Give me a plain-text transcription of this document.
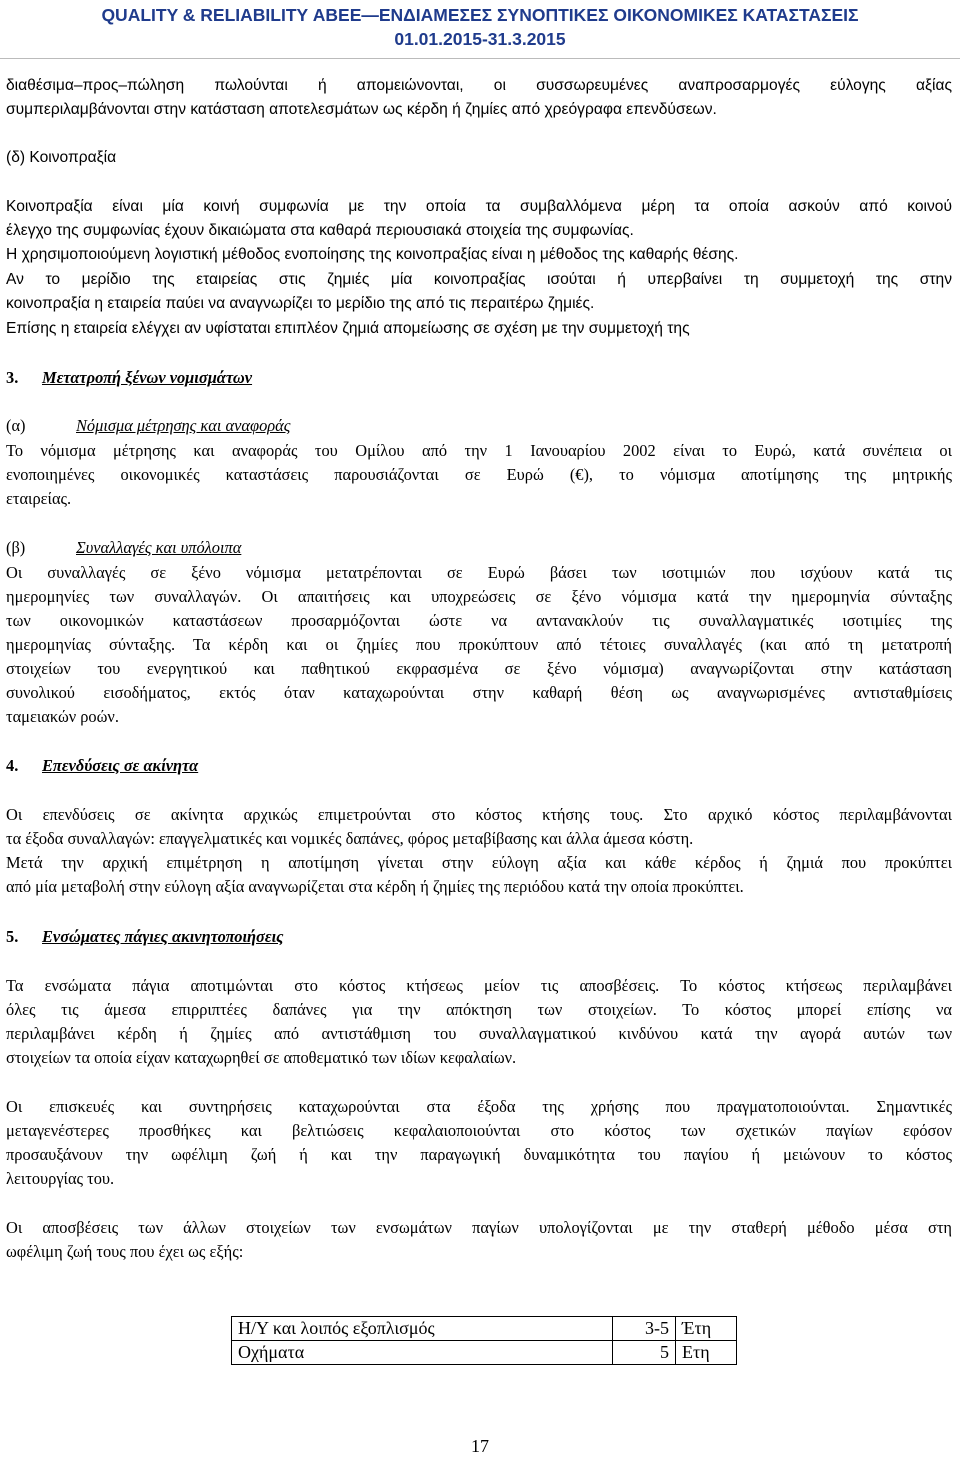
QUALITY & RELIABILITY ΑΒΕΕ—ΕΝΔΙΑΜΕΣΕΣ ΣΥΝΟΠΤΙΚΕΣ ΟΙΚΟΝΟΜΙΚΕΣ ΚΑΤΑΣΤΑΣΕΙΣ
01.01.2015-31.3.2015
διαθέσιμα–προς–πώληση πωλούνται ή απομειώνονται, οι συσσωρευμένες αναπροσαρμογές εύλογης αξίας
συμπεριλαμβάνονται στην κατάσταση αποτελεσμάτων ως κέρδη ή ζημίες από χρεόγραφα επενδύσεων.
(δ) Κοινοπραξία
Κοινοπραξία είναι μία κοινή συμφωνία με την οποία τα συμβαλλόμενα μέρη τα οποία ασκούν από κοινού
έλεγχο της συμφωνίας έχουν δικαιώματα στα καθαρά περιουσιακά στοιχεία της συμφωνίας.
Η χρησιμοποιούμενη λογιστική μέθοδος ενοποίησης της κοινοπραξίας είναι η μέθοδος της καθαρής θέσης.
Αν το μερίδιο της εταιρείας στις ζημιές μία κοινοπραξίας ισούται ή υπερβαίνει τη συμμετοχή της στην
κοινοπραξία η εταιρεία παύει να αναγνωρίζει το μερίδιο της από τις περαιτέρω ζημιές.
Επίσης η εταιρεία ελέγχει αν υφίσταται επιπλέον ζημιά απομείωσης σε σχέση με την συμμετοχή της
3. Μετατροπή ξένων νομισμάτων
(α)	Νόμισμα μέτρησης και αναφοράς
Το νόμισμα μέτρησης και αναφοράς του Ομίλου από την 1 Ιανουαρίου 2002 είναι το Ευρώ, κατά συνέπεια οι
ενοποιημένες οικονομικές καταστάσεις παρουσιάζονται σε Ευρώ (€), το νόμισμα αποτίμησης της μητρικής
εταιρείας.
(β)	Συναλλαγές και υπόλοιπα
Οι συναλλαγές σε ξένο νόμισμα μετατρέπονται σε Ευρώ βάσει των ισοτιμιών που ισχύουν κατά τις
ημερομηνίες των συναλλαγών. Οι απαιτήσεις και υποχρεώσεις σε ξένο νόμισμα κατά την ημερομηνία σύνταξης
των οικονομικών καταστάσεων προσαρμόζονται ώστε να αντανακλούν τις συναλλαγματικές ισοτιμίες της
ημερομηνίας σύνταξης. Τα κέρδη και οι ζημίες που προκύπτουν από τέτοιες συναλλαγές (και από τη μετατροπή
στοιχείων του ενεργητικού και παθητικού εκφρασμένα σε ξένο νόμισμα) αναγνωρίζονται στην κατάσταση
συνολικού εισοδήματος, εκτός όταν καταχωρούνται στην καθαρή θέση ως αναγνωρισμένες αντισταθμίσεις
ταμειακών ροών.
4. Επενδύσεις σε ακίνητα
Οι επενδύσεις σε ακίνητα αρχικώς επιμετρούνται στο κόστος κτήσης τους. Στο αρχικό κόστος περιλαμβάνονται
τα έξοδα συναλλαγών: επαγγελματικές και νομικές δαπάνες, φόρος μεταβίβασης και άλλα άμεσα κόστη.
Μετά την αρχική επιμέτρηση η αποτίμηση γίνεται στην εύλογη αξία και κάθε κέρδος ή ζημιά που προκύπτει
από μία μεταβολή στην εύλογη αξία αναγνωρίζεται στα κέρδη ή ζημίες της περιόδου κατά την οποία προκύπτει.
5. Ενσώματες πάγιες ακινητοποιήσεις
Τα ενσώματα πάγια αποτιμώνται στο κόστος κτήσεως μείον τις αποσβέσεις. Το κόστος κτήσεως περιλαμβάνει
όλες τις άμεσα επιρριπτέες δαπάνες για την απόκτηση των στοιχείων. Το κόστος μπορεί επίσης να
περιλαμβάνει κέρδη ή ζημίες από αντιστάθμιση του συναλλαγματικού κινδύνου κατά την αγορά αυτών των
στοιχείων τα οποία είχαν καταχωρηθεί σε αποθεματικό των ιδίων κεφαλαίων.
Οι επισκευές και συντηρήσεις καταχωρούνται στα έξοδα της χρήσης που πραγματοποιούνται. Σημαντικές
μεταγενέστερες προσθήκες και βελτιώσεις κεφαλαιοποιούνται στο κόστος των σχετικών παγίων εφόσον
προσαυξάνουν την ωφέλιμη ζωή ή και την παραγωγική δυναμικότητα του παγίου ή μειώνουν το κόστος
λειτουργίας του.
Οι αποσβέσεις των άλλων στοιχείων των ενσωμάτων παγίων υπολογίζονται με την σταθερή μέθοδο μέσα στη
ωφέλιμη ζωή τους που έχει ως εξής:
Η/Υ και λοιπός εξοπλισμός	3-5	Έτη
Οχήματα	5	Ετη
17
